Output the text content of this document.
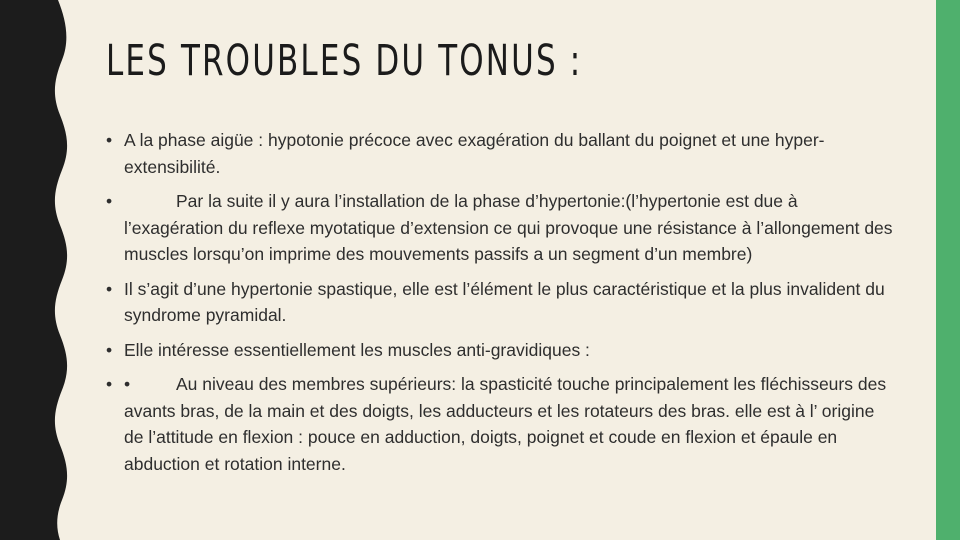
LES TROUBLES DU TONUS :
• A la phase aigüe : hypotonie précoce avec exagération du ballant du poignet et une hyper-extensibilité.
•	Par la suite il y aura l’installation de la phase d’hypertonie:(l’hypertonie est due à l’exagération du reflexe myotatique d’extension ce qui provoque une résistance à l’allongement des muscles lorsqu’on imprime des mouvements passifs a un segment d’un membre)
• Il s’agit d’une hypertonie spastique, elle est l’élément le plus caractéristique et la plus invalident du syndrome pyramidal.
• Elle intéresse essentiellement les muscles anti-gravidiques :
• •	Au niveau des membres supérieurs: la spasticité touche principalement les fléchisseurs des avants bras, de la main et des doigts, les adducteurs et les rotateurs des bras. elle est à l’ origine de l’attitude en flexion : pouce en adduction, doigts, poignet et coude en flexion et épaule en abduction et rotation interne.
